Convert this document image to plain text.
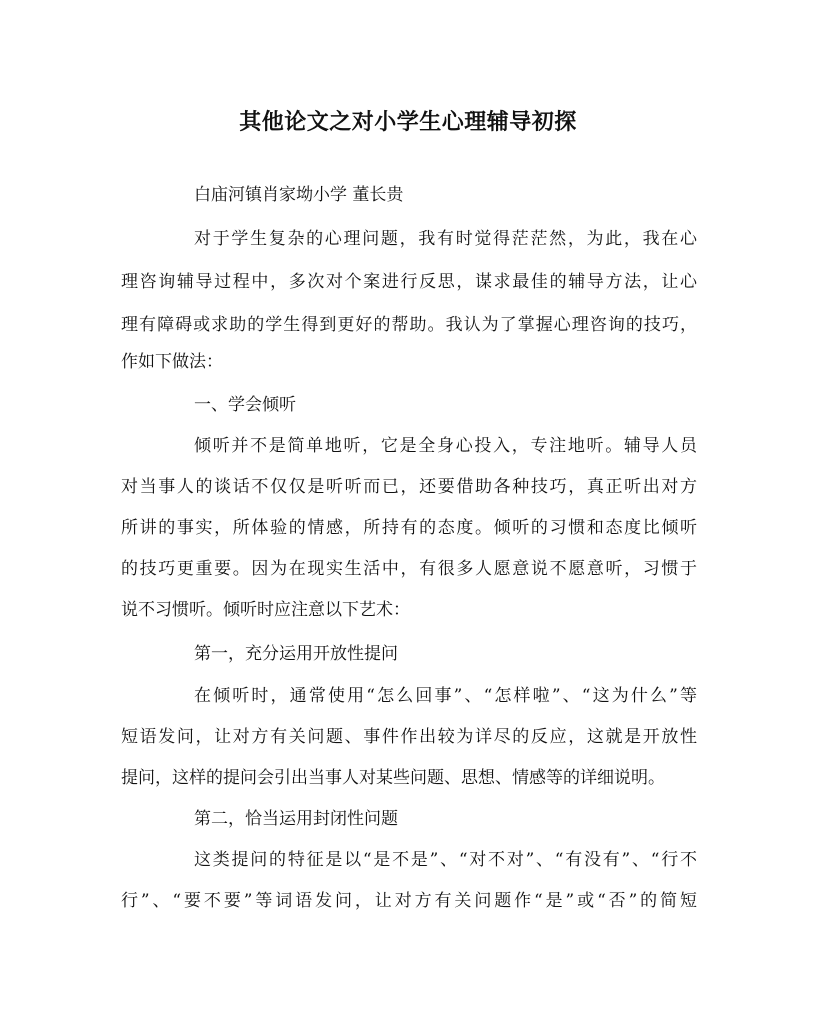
其他论文之对小学生心理辅导初探
白庙河镇肖家坳小学 董长贵
对于学生复杂的心理问题，我有时觉得茫茫然，为此，我在心
理咨询辅导过程中，多次对个案进行反思，谋求最佳的辅导方法，让心
理有障碍或求助的学生得到更好的帮助。我认为了掌握心理咨询的技巧，
作如下做法：
一、学会倾听
倾听并不是简单地听，它是全身心投入，专注地听。辅导人员
对当事人的谈话不仅仅是听听而已，还要借助各种技巧，真正听出对方
所讲的事实，所体验的情感，所持有的态度。倾听的习惯和态度比倾听
的技巧更重要。因为在现实生活中，有很多人愿意说不愿意听，习惯于
说不习惯听。倾听时应注意以下艺术：
第一，充分运用开放性提问
在倾听时，通常使用“怎么回事”、“怎样啦”、“这为什么”等
短语发问，让对方有关问题、事件作出较为详尽的反应，这就是开放性
提问，这样的提问会引出当事人对某些问题、思想、情感等的详细说明。
第二，恰当运用封闭性问题
这类提问的特征是以“是不是”、“对不对”、“有没有”、“行不
行”、“要不要”等词语发问，让对方有关问题作“是”或“否”的简短
